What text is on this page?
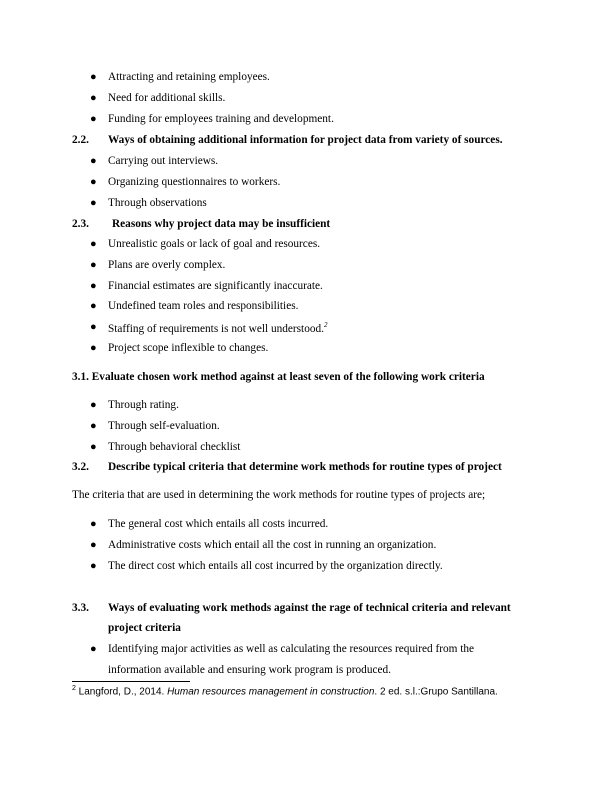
● Attracting and retaining employees.
● Need for additional skills.
● Funding for employees training and development.
2.2. Ways of obtaining additional information for project data from variety of sources.
● Carrying out interviews.
● Organizing questionnaires to workers.
● Through observations
2.3. Reasons why project data may be insufficient
● Unrealistic goals or lack of goal and resources.
● Plans are overly complex.
● Financial estimates are significantly inaccurate.
● Undefined team roles and responsibilities.
● Staffing of requirements is not well understood.$^2$
● Project scope inflexible to changes.
3.1. Evaluate chosen work method against at least seven of the following work criteria
● Through rating.
● Through self-evaluation.
● Through behavioral checklist
3.2. Describe typical criteria that determine work methods for routine types of project
The criteria that are used in determining the work methods for routine types of projects are;
● The general cost which entails all costs incurred.
● Administrative costs which entail all the cost in running an organization.
● The direct cost which entails all cost incurred by the organization directly.
3.3. Ways of evaluating work methods against the rage of technical criteria and relevant
project criteria
● Identifying major activities as well as calculating the resources required from the
information available and ensuring work program is produced.
$^2$ Langford, D., 2014. Human resources management in construction. 2 ed. s.l.:Grupo Santillana.
